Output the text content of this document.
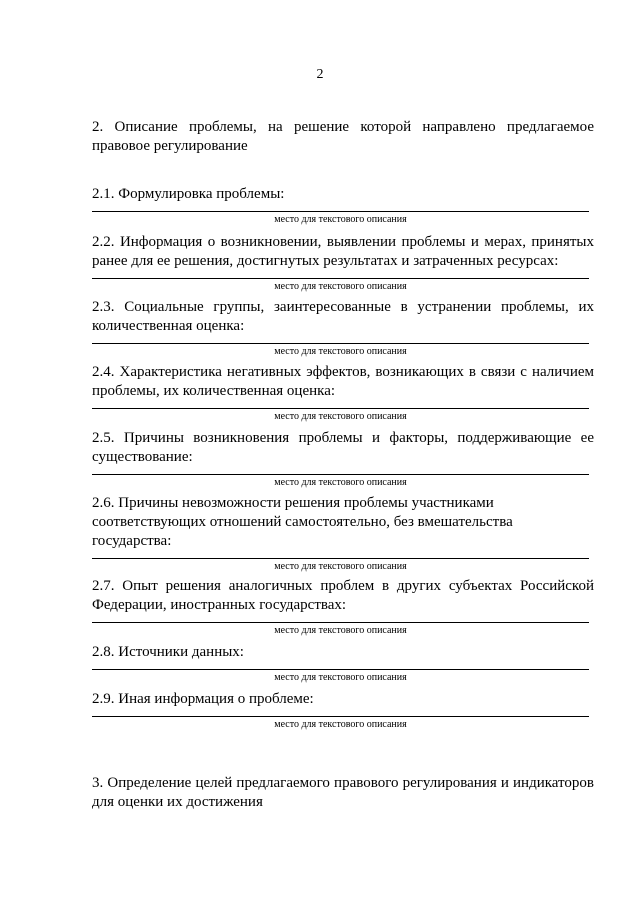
2

2. Описание проблемы, на решение которой направлено предлагаемое правовое регулирование

2.1. Формулировка проблемы:

место для текстового описания

2.2. Информация о возникновении, выявлении проблемы и мерах, принятых ранее для ее решения, достигнутых результатах и затраченных ресурсах:

место для текстового описания

2.3. Социальные группы, заинтересованные в устранении проблемы, их количественная оценка:

место для текстового описания

2.4. Характеристика негативных эффектов, возникающих в связи с наличием проблемы, их количественная оценка:

место для текстового описания

2.5. Причины возникновения проблемы и факторы, поддерживающие ее существование:

место для текстового описания

2.6. Причины невозможности решения проблемы участниками

соответствующих отношений самостоятельно, без вмешательства

государства:

место для текстового описания

2.7. Опыт решения аналогичных проблем в других субъектах Российской Федерации, иностранных государствах:

место для текстового описания

2.8. Источники данных:

место для текстового описания

2.9. Иная информация о проблеме:

место для текстового описания

3. Определение целей предлагаемого правового регулирования и индикаторов для оценки их достижения
